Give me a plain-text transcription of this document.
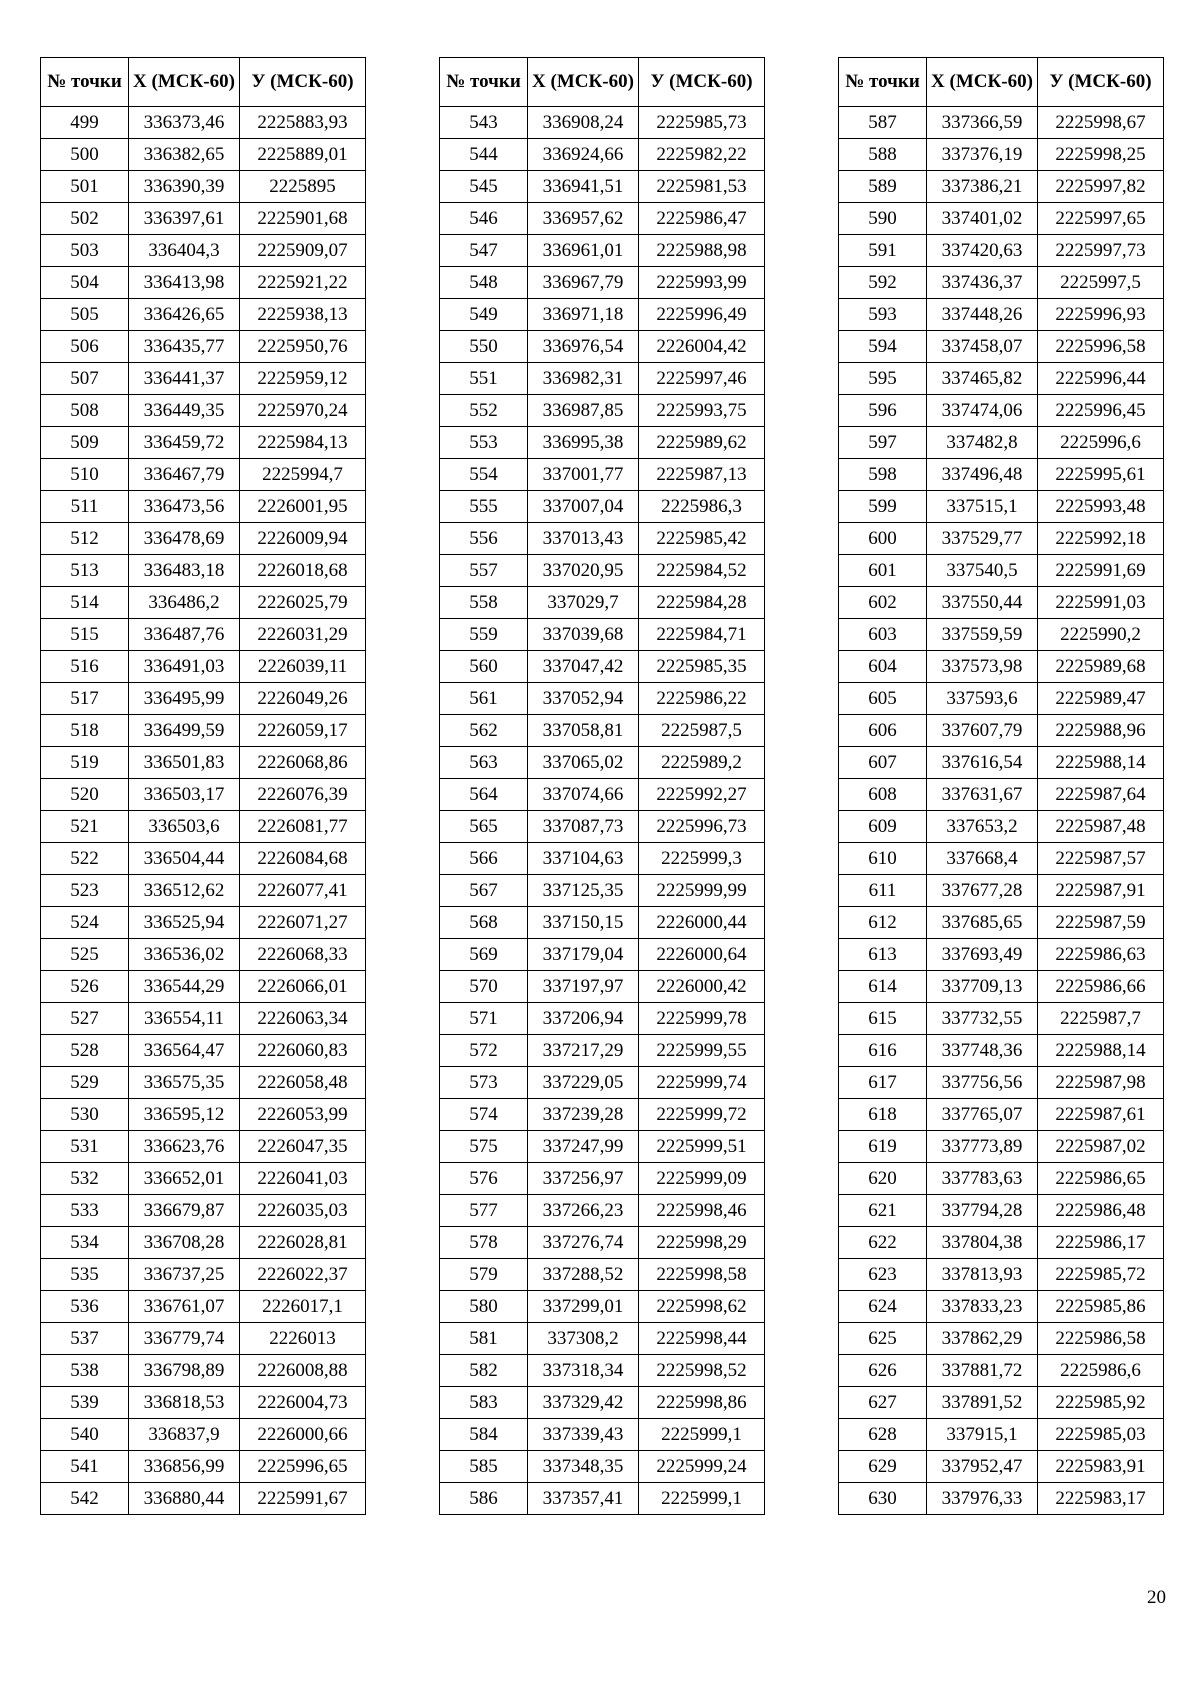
№ точки	Х (МСК-60)	У (МСК-60)
499	336373,46	2225883,93
500	336382,65	2225889,01
501	336390,39	2225895
502	336397,61	2225901,68
503	336404,3	2225909,07
504	336413,98	2225921,22
505	336426,65	2225938,13
506	336435,77	2225950,76
507	336441,37	2225959,12
508	336449,35	2225970,24
509	336459,72	2225984,13
510	336467,79	2225994,7
511	336473,56	2226001,95
512	336478,69	2226009,94
513	336483,18	2226018,68
514	336486,2	2226025,79
515	336487,76	2226031,29
516	336491,03	2226039,11
517	336495,99	2226049,26
518	336499,59	2226059,17
519	336501,83	2226068,86
520	336503,17	2226076,39
521	336503,6	2226081,77
522	336504,44	2226084,68
523	336512,62	2226077,41
524	336525,94	2226071,27
525	336536,02	2226068,33
526	336544,29	2226066,01
527	336554,11	2226063,34
528	336564,47	2226060,83
529	336575,35	2226058,48
530	336595,12	2226053,99
531	336623,76	2226047,35
532	336652,01	2226041,03
533	336679,87	2226035,03
534	336708,28	2226028,81
535	336737,25	2226022,37
536	336761,07	2226017,1
537	336779,74	2226013
538	336798,89	2226008,88
539	336818,53	2226004,73
540	336837,9	2226000,66
541	336856,99	2225996,65
542	336880,44	2225991,67
№ точки	Х (МСК-60)	У (МСК-60)
543	336908,24	2225985,73
544	336924,66	2225982,22
545	336941,51	2225981,53
546	336957,62	2225986,47
547	336961,01	2225988,98
548	336967,79	2225993,99
549	336971,18	2225996,49
550	336976,54	2226004,42
551	336982,31	2225997,46
552	336987,85	2225993,75
553	336995,38	2225989,62
554	337001,77	2225987,13
555	337007,04	2225986,3
556	337013,43	2225985,42
557	337020,95	2225984,52
558	337029,7	2225984,28
559	337039,68	2225984,71
560	337047,42	2225985,35
561	337052,94	2225986,22
562	337058,81	2225987,5
563	337065,02	2225989,2
564	337074,66	2225992,27
565	337087,73	2225996,73
566	337104,63	2225999,3
567	337125,35	2225999,99
568	337150,15	2226000,44
569	337179,04	2226000,64
570	337197,97	2226000,42
571	337206,94	2225999,78
572	337217,29	2225999,55
573	337229,05	2225999,74
574	337239,28	2225999,72
575	337247,99	2225999,51
576	337256,97	2225999,09
577	337266,23	2225998,46
578	337276,74	2225998,29
579	337288,52	2225998,58
580	337299,01	2225998,62
581	337308,2	2225998,44
582	337318,34	2225998,52
583	337329,42	2225998,86
584	337339,43	2225999,1
585	337348,35	2225999,24
586	337357,41	2225999,1
№ точки	Х (МСК-60)	У (МСК-60)
587	337366,59	2225998,67
588	337376,19	2225998,25
589	337386,21	2225997,82
590	337401,02	2225997,65
591	337420,63	2225997,73
592	337436,37	2225997,5
593	337448,26	2225996,93
594	337458,07	2225996,58
595	337465,82	2225996,44
596	337474,06	2225996,45
597	337482,8	2225996,6
598	337496,48	2225995,61
599	337515,1	2225993,48
600	337529,77	2225992,18
601	337540,5	2225991,69
602	337550,44	2225991,03
603	337559,59	2225990,2
604	337573,98	2225989,68
605	337593,6	2225989,47
606	337607,79	2225988,96
607	337616,54	2225988,14
608	337631,67	2225987,64
609	337653,2	2225987,48
610	337668,4	2225987,57
611	337677,28	2225987,91
612	337685,65	2225987,59
613	337693,49	2225986,63
614	337709,13	2225986,66
615	337732,55	2225987,7
616	337748,36	2225988,14
617	337756,56	2225987,98
618	337765,07	2225987,61
619	337773,89	2225987,02
620	337783,63	2225986,65
621	337794,28	2225986,48
622	337804,38	2225986,17
623	337813,93	2225985,72
624	337833,23	2225985,86
625	337862,29	2225986,58
626	337881,72	2225986,6
627	337891,52	2225985,92
628	337915,1	2225985,03
629	337952,47	2225983,91
630	337976,33	2225983,17
20
